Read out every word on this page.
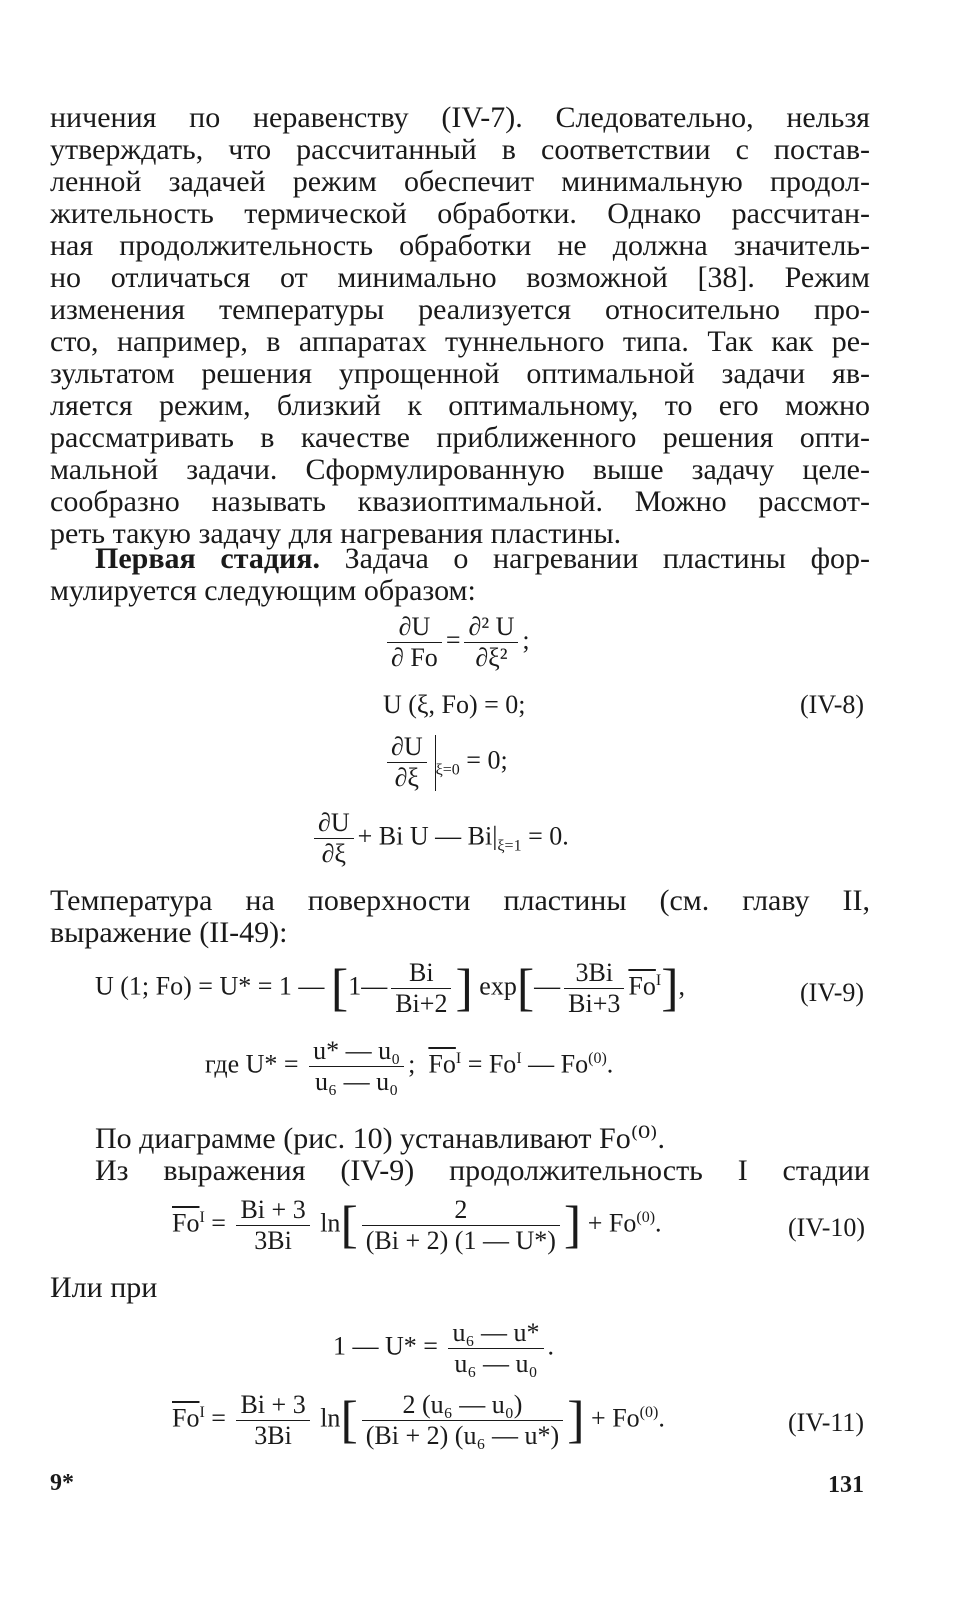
ничения по неравенству (IV-7). Следовательно, нельзя
утверждать, что рассчитанный в соответствии с постав-
ленной задачей режим обеспечит минимальную продол-
жительность термической обработки. Однако рассчитан-
ная продолжительность обработки не должна значитель-
но отличаться от минимально возможной [38]. Режим
изменения температуры реализуется относительно про-
сто, например, в аппаратах туннельного типа. Так как ре-
зультатом решения упрощенной оптимальной задачи яв-
ляется режим, близкий к оптимальному, то его можно
рассматривать в качестве приближенного решения опти-
мальной задачи. Сформулированную выше задачу целе-
сообразно называть квазиоптимальной. Можно рассмот-
реть такую задачу для нагревания пластины.
Первая стадия. Задача о нагревании пластины фор-
мулируется следующим образом:
$\frac{\partial U}{\partial Fo} = \frac{\text{∂² U}}{\text{∂ξ²}}$ ;
U (ξ, Fo) = 0;	(IV-8)
$\frac{\partial U}{\partial\xi} _{\xi=0} = 0$;
$\frac{\partial U}{\partial\xi} + Bi$ U — $Bi|_{\xi=1} = 0$.
Температура на поверхности пластины (см. главу II,
выражение (II-49):
U (1; Fo) = U* = 1 — [1— $\frac{Bi}{Bi+2}$ ] exp[— $\frac{3Bi}{Bi+3} \overline{Fo}^I$],	(IV-9)
где $U* = \frac{\text{u* — u₀}}{\text{u₆ — u₀}}$ ; $\overline{Fo}^I = Fo^I$ — Fo$^{(0)}$.
По диаграмме (рис. 10) устанавливают Fo⁽⁰⁾.
Из выражения (IV-9) продолжительность I стадии
$\overline{Fo}^I = \frac{Bi + 3}{3Bi} \ln[ \frac{2}{(Bi + 2) (1 — U*)}$ ] + $Fo^{(0)}$.	(IV-10)
Или при
1 — $U* = \frac{\text{u₆ — u*}}{\text{u₆ — u₀}}$ .
$\overline{Fo}^I = \frac{Bi + 3}{3Bi} \ln[ \frac{\text{2 (u₆ — u₀)}}{\text{(Bi + 2) (u₆ — u*)}}$ ] + $Fo^{(0)}$.	(IV-11)
9*	131
